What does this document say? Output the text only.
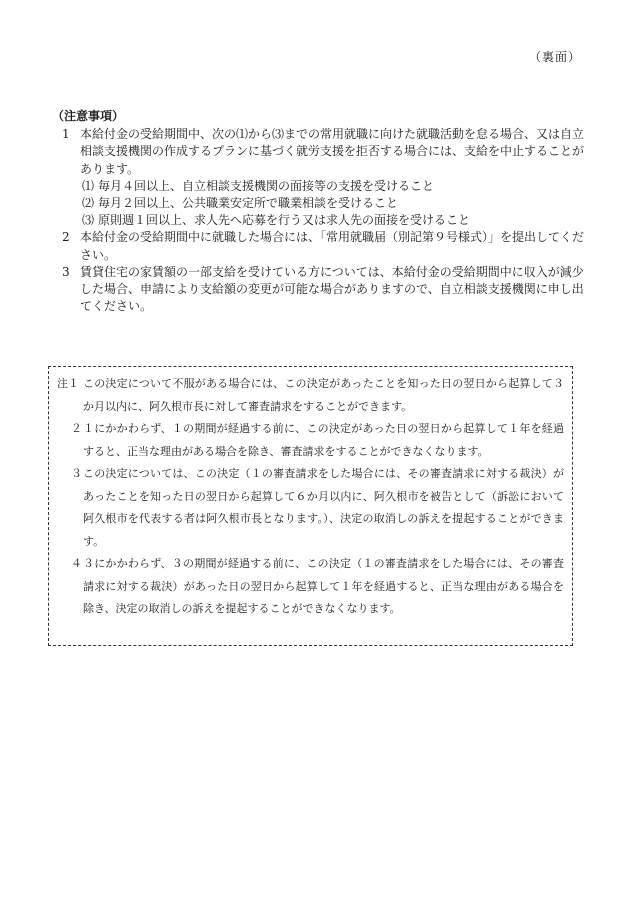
（裏面）
（注意事項）
1 本給付金の受給期間中、次の⑴から⑶までの常用就職に向けた就職活動を怠る場合、又は自立相談支援機関の作成するプランに基づく就労支援を拒否する場合には、支給を中止することがあります。
⑴ 毎月４回以上、自立相談支援機関の面接等の支援を受けること
⑵ 毎月２回以上、公共職業安定所で職業相談を受けること
⑶ 原則週１回以上、求人先へ応募を行う又は求人先の面接を受けること
2 本給付金の受給期間中に就職した場合には、「常用就職届（別記第９号様式）」を提出してください。
3 賃貸住宅の家賃額の一部支給を受けている方については、本給付金の受給期間中に収入が減少した場合、申請により支給額の変更が可能な場合がありますので、自立相談支援機関に申し出てください。
注１ この決定について不服がある場合には、この決定があったことを知った日の翌日から起算して３か月以内に、阿久根市長に対して審査請求をすることができます。
２ １にかかわらず、１の期間が経過する前に、この決定があった日の翌日から起算して１年を経過すると、正当な理由がある場合を除き、審査請求をすることができなくなります。
３ この決定については、この決定（１の審査請求をした場合には、その審査請求に対する裁決）があったことを知った日の翌日から起算して６か月以内に、阿久根市を被告として（訴訟において阿久根市を代表する者は阿久根市長となります。）、決定の取消しの訴えを提起することができます。
４ ３にかかわらず、３の期間が経過する前に、この決定（１の審査請求をした場合には、その審査請求に対する裁決）があった日の翌日から起算して１年を経過すると、正当な理由がある場合を除き、決定の取消しの訴えを提起することができなくなります。
